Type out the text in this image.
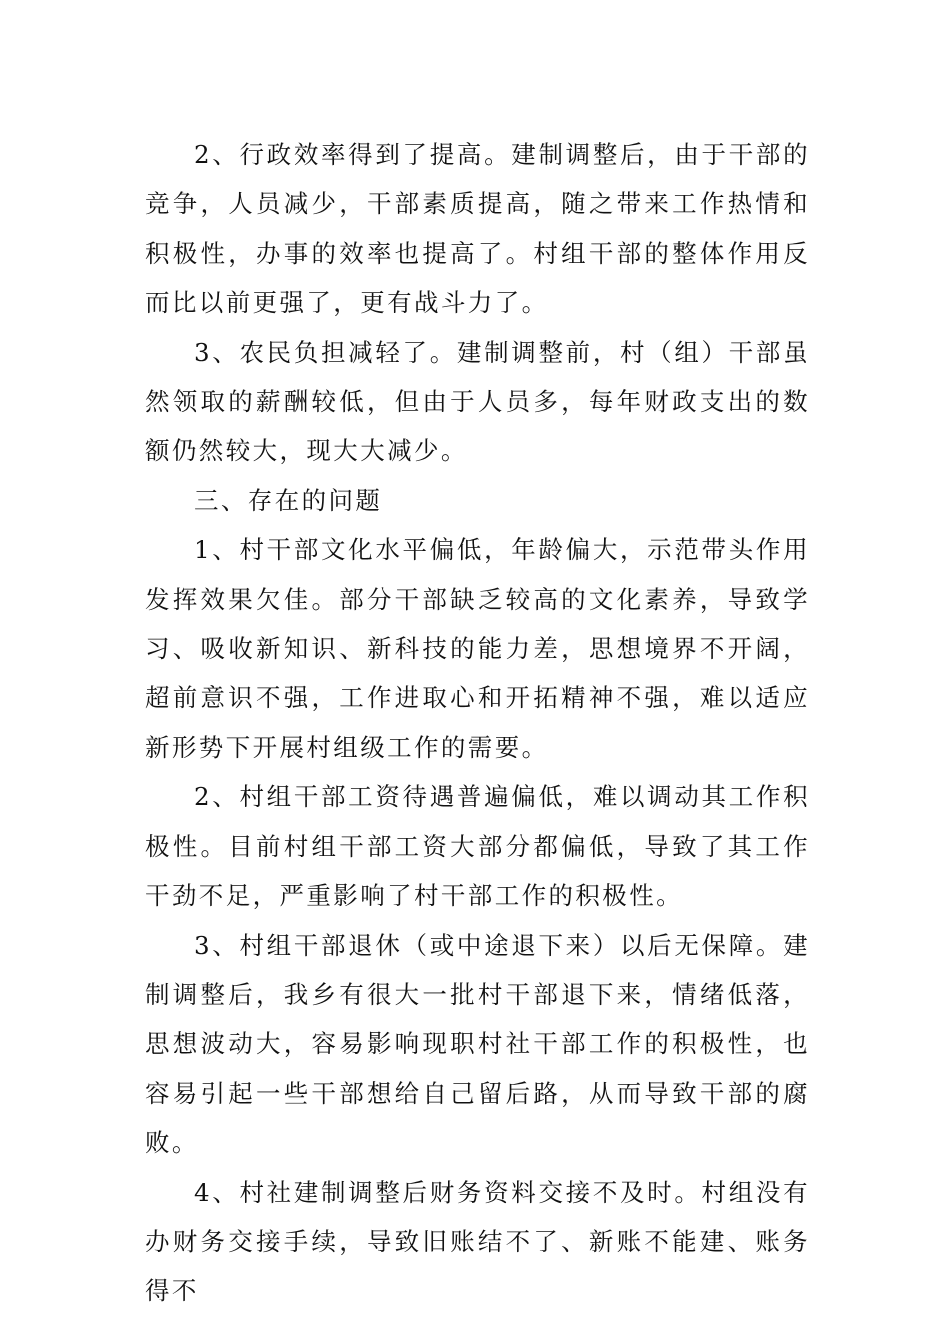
2、行政效率得到了提高。建制调整后，由于干部的竞争，人员减少，干部素质提高，随之带来工作热情和积极性，办事的效率也提高了。村组干部的整体作用反而比以前更强了，更有战斗力了。

3、农民负担减轻了。建制调整前，村（组）干部虽然领取的薪酬较低，但由于人员多，每年财政支出的数额仍然较大，现大大减少。

三、存在的问题

1、村干部文化水平偏低，年龄偏大，示范带头作用发挥效果欠佳。部分干部缺乏较高的文化素养，导致学习、吸收新知识、新科技的能力差，思想境界不开阔，超前意识不强，工作进取心和开拓精神不强，难以适应新形势下开展村组级工作的需要。

2、村组干部工资待遇普遍偏低，难以调动其工作积极性。目前村组干部工资大部分都偏低，导致了其工作干劲不足，严重影响了村干部工作的积极性。

3、村组干部退休（或中途退下来）以后无保障。建制调整后，我乡有很大一批村干部退下来，情绪低落，思想波动大，容易影响现职村社干部工作的积极性，也容易引起一些干部想给自己留后路，从而导致干部的腐败。

4、村社建制调整后财务资料交接不及时。村组没有办财务交接手续，导致旧账结不了、新账不能建、账务得不
